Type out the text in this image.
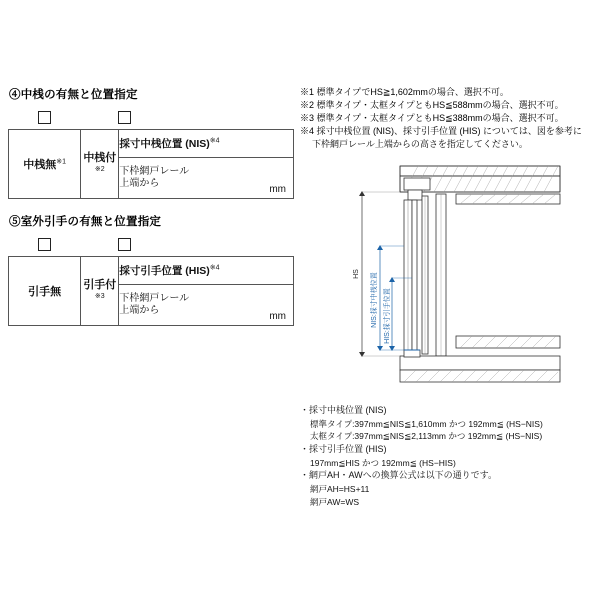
④中桟の有無と位置指定
中桟無$^{※1}$	中桟付$^{※2}$	採寸中桟位置 (NIS)$^{※4}$

下枠網戸レール
上端から	mm
⑤室外引手の有無と位置指定
引手無	引手付$^{※3}$	採寸引手位置 (HIS)$^{※4}$

下枠網戸レール
上端から	mm
※1 標準タイプでHS≧1,602mmの場合、選択不可。
※2 標準タイプ・太框タイプともHS≦588mmの場合、選択不可。
※3 標準タイプ・太框タイプともHS≦388mmの場合、選択不可。
※4 採寸中桟位置 (NIS)、採寸引手位置 (HIS) については、図を参考に
下枠網戸レール上端からの高さを指定してください。
HS NIS:採寸中桟位置 HIS:採寸引手位置
・採寸中桟位置 (NIS)
標準タイプ:397mm≦NIS≦1,610mm かつ 192mm≦ (HS−NIS)
太框タイプ:397mm≦NIS≦2,113mm かつ 192mm≦ (HS−NIS)
・採寸引手位置 (HIS)
197mm≦HIS かつ 192mm≦ (HS−HIS)
・網戸AH・AWへの換算公式は以下の通りです。
網戸AH=HS+11
網戸AW=WS
